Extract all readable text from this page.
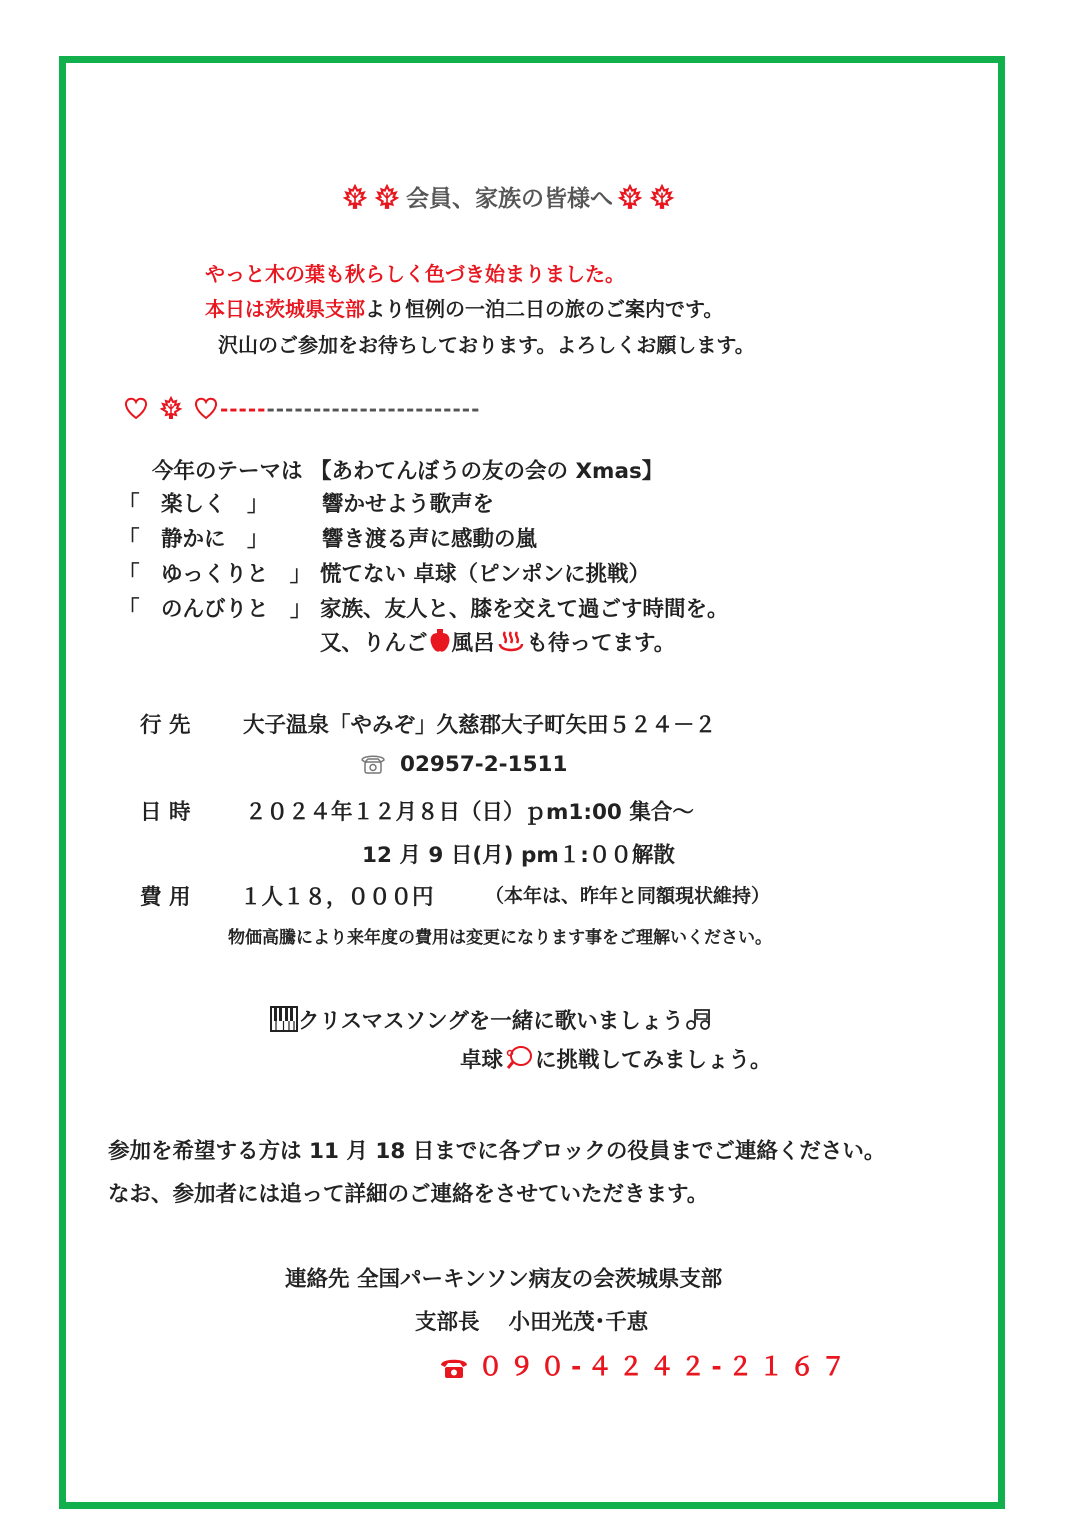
会員、家族の皆様へ
やっと木の葉も秋らしく色づき始まりました。
本日は茨城県支部より恒例の一泊二日の旅のご案内です。
沢山のご参加をお待ちしております。よろしくお願します。

----------------------------
今年のテーマは 【あわてんぼうの友の会の Xmas】
「　楽しく　」 響かせよう歌声を
「　静かに　」 響き渡る声に感動の嵐
「　ゆっくりと　」 慌てない 卓球（ピンポンに挑戦）
「　のんびりと　」 家族、友人と、膝を交えて過ごす時間を。
又、りんご 風呂 も待ってます。
行 先 大子温泉「やみぞ」久慈郡大子町矢田５２４－２
02957-2-1511
日 時	２０２４年１２月８日（日）ｐm1:00 集合～
12 月 9 日(月) pm１:００解散
費 用 １人１８，０００円	（本年は、昨年と同額現状維持）
物価高騰により来年度の費用は変更になります事をご理解いください。
クリスマスソングを一緒に歌いましょう
卓球 に挑戦してみましょう。
参加を希望する方は 11 月 18 日までに各ブロックの役員までご連絡ください。
なお、参加者には追って詳細のご連絡をさせていただきます。
連絡先 全国パーキンソン病友の会茨城県支部
支部長　 小田光茂･千恵
０９０-４２４２-２１６７
